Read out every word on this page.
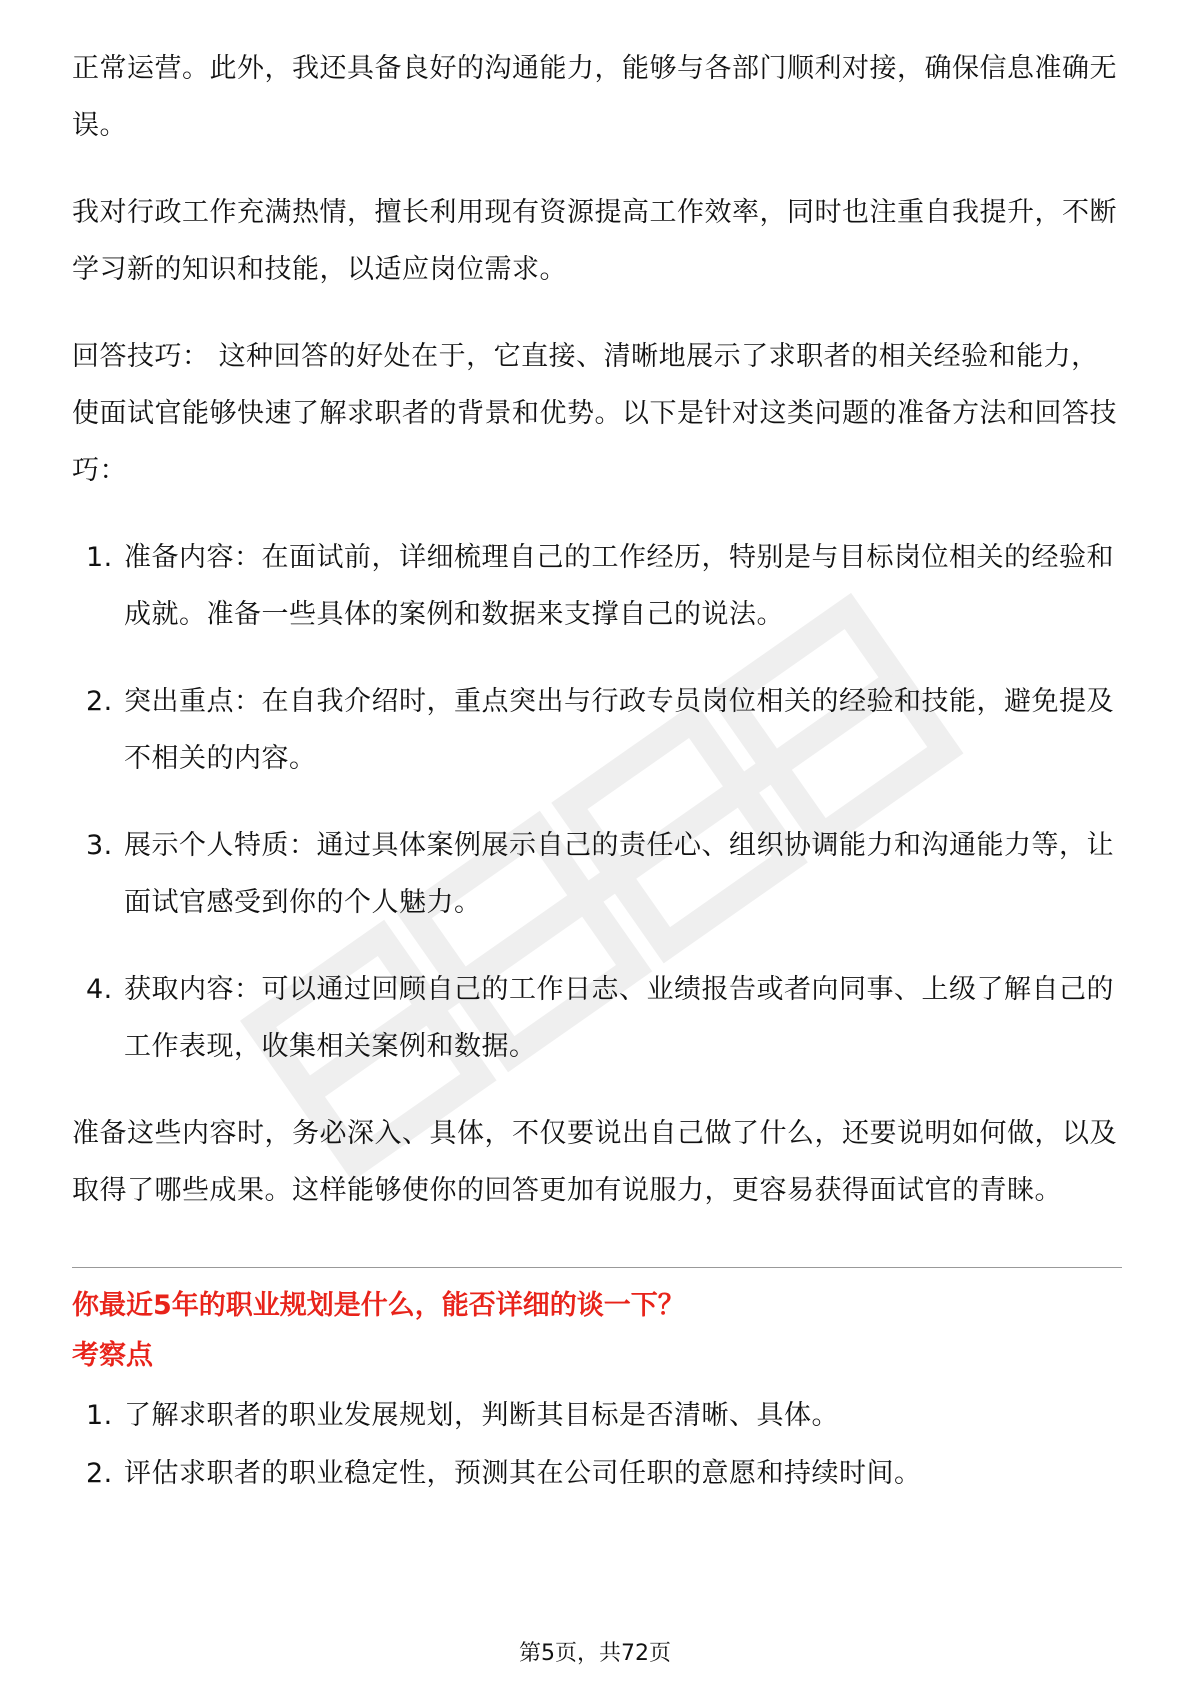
正常运营。此外，我还具备良好的沟通能力，能够与各部门顺利对接，确保信息准确无误。

我对行政工作充满热情，擅长利用现有资源提高工作效率，同时也注重自我提升，不断学习新的知识和技能，以适应岗位需求。

回答技巧： 这种回答的好处在于，它直接、清晰地展示了求职者的相关经验和能力，使面试官能够快速了解求职者的背景和优势。以下是针对这类问题的准备方法和回答技巧：

1. 准备内容：在面试前，详细梳理自己的工作经历，特别是与目标岗位相关的经验和成就。准备一些具体的案例和数据来支撑自己的说法。
2. 突出重点：在自我介绍时，重点突出与行政专员岗位相关的经验和技能，避免提及不相关的内容。
3. 展示个人特质：通过具体案例展示自己的责任心、组织协调能力和沟通能力等，让面试官感受到你的个人魅力。
4. 获取内容：可以通过回顾自己的工作日志、业绩报告或者向同事、上级了解自己的工作表现，收集相关案例和数据。

准备这些内容时，务必深入、具体，不仅要说出自己做了什么，还要说明如何做，以及取得了哪些成果。这样能够使你的回答更加有说服力，更容易获得面试官的青睐。

你最近5年的职业规划是什么，能否详细的谈一下？
考察点
1. 了解求职者的职业发展规划，判断其目标是否清晰、具体。
2. 评估求职者的职业稳定性，预测其在公司任职的意愿和持续时间。
第5页，共72页
